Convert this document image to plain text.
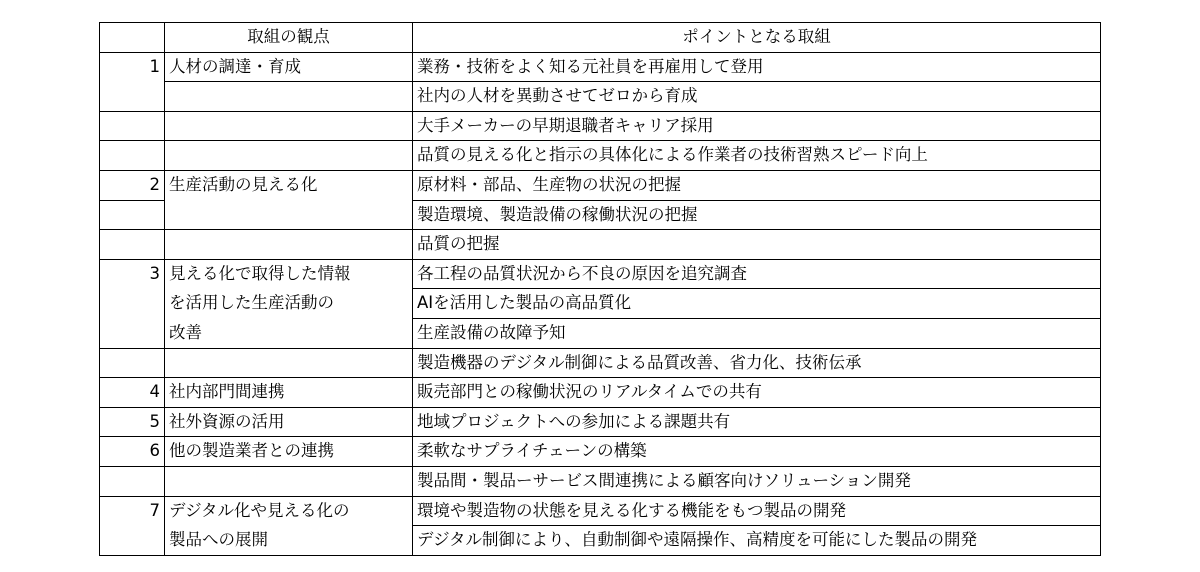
	取組の観点	ポイントとなる取組
1	人材の調達・育成	業務・技術をよく知る元社員を再雇用して登用
		社内の人材を異動させてゼロから育成
		大手メーカーの早期退職者キャリア採用
		品質の見える化と指示の具体化による作業者の技術習熟スピード向上
2	生産活動の見える化	原材料・部品、生産物の状況の把握
		製造環境、製造設備の稼働状況の把握
		品質の把握
3	見える化で取得した情報	各工程の品質状況から不良の原因を追究調査
	を活用した生産活動の	AIを活用した製品の高品質化
	改善	生産設備の故障予知
		製造機器のデジタル制御による品質改善、省力化、技術伝承
4	社内部門間連携	販売部門との稼働状況のリアルタイムでの共有
5	社外資源の活用	地域プロジェクトへの参加による課題共有
6	他の製造業者との連携	柔軟なサプライチェーンの構築
		製品間・製品ーサービス間連携による顧客向けソリューション開発
7	デジタル化や見える化の	環境や製造物の状態を見える化する機能をもつ製品の開発
	製品への展開	デジタル制御により、自動制御や遠隔操作、高精度を可能にした製品の開発
